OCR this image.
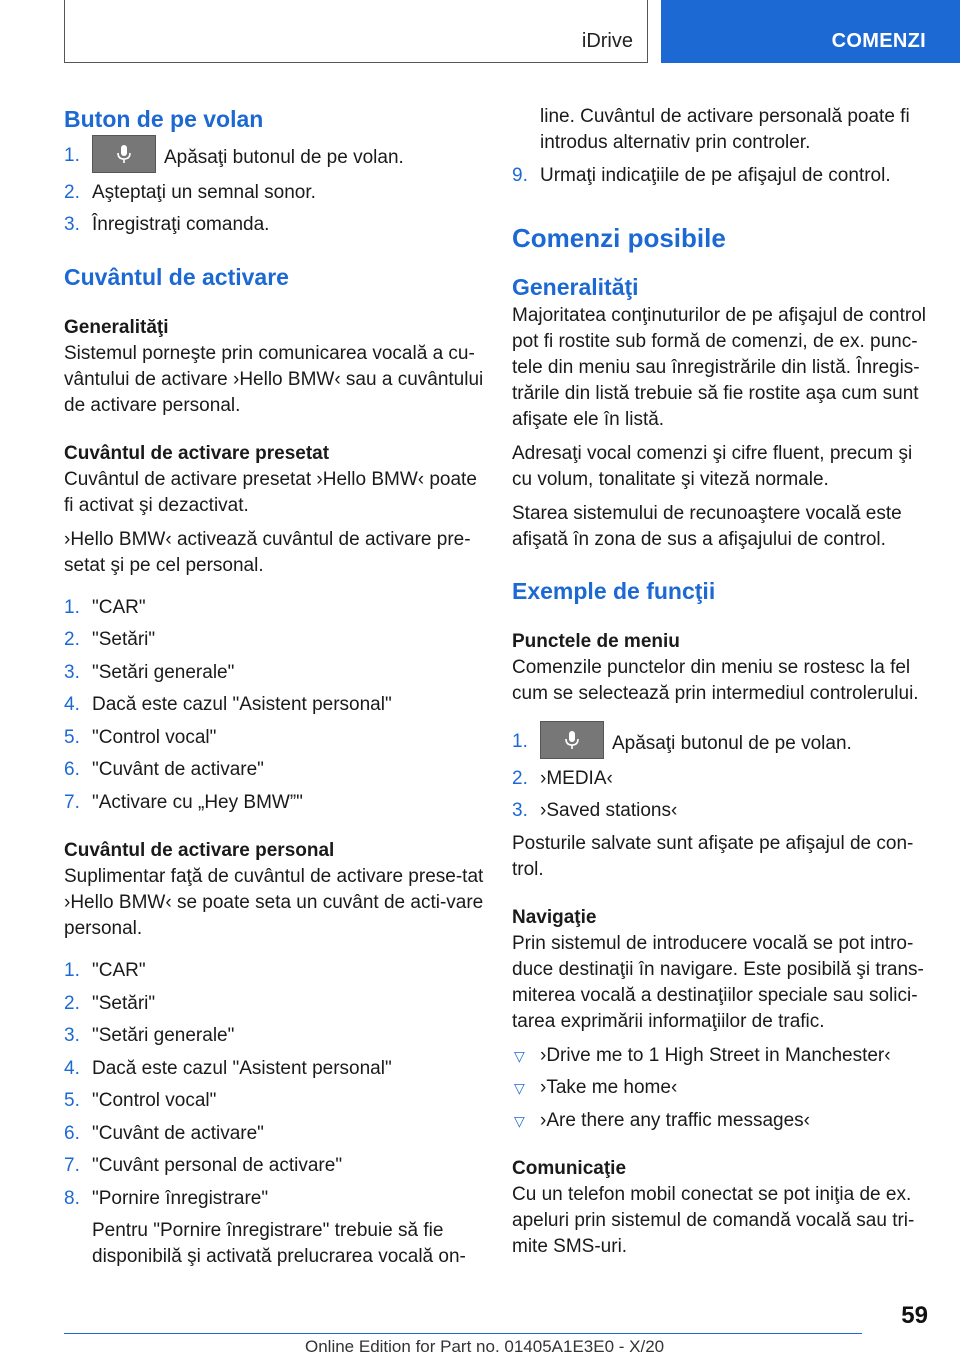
iDrive	COMENZI
Buton de pe volan
1.	Apăsaţi butonul de pe volan.
2. Aşteptaţi un semnal sonor.
3. Înregistraţi comanda.
Cuvântul de activare
Generalităţi

Sistemul porneşte prin comunicarea vocală a cu-vântului de activare ›Hello BMW‹ sau a cuvântului de activare personal.

Cuvântul de activare presetat

Cuvântul de activare presetat ›Hello BMW‹ poate fi activat şi dezactivat.

›Hello BMW‹ activează cuvântul de activare pre-setat şi pe cel personal.

1. "CAR"
2. "Setări"
3. "Setări generale"
4. Dacă este cazul "Asistent personal"
5. "Control vocal"
6. "Cuvânt de activare"
7. "Activare cu „Hey BMW”"
Cuvântul de activare personal

Suplimentar faţă de cuvântul de activare prese-tat ›Hello BMW‹ se poate seta un cuvânt de acti-vare personal.

1. "CAR"
2. "Setări"
3. "Setări generale"
4. Dacă este cazul "Asistent personal"
5. "Control vocal"
6. "Cuvânt de activare"
7. "Cuvânt personal de activare"
8. "Pornire înregistrare"
Pentru "Pornire înregistrare" trebuie să fie disponibilă şi activată prelucrarea vocală on-
line. Cuvântul de activare personală poate fi introdus alternativ prin controler.
9. Urmaţi indicaţiile de pe afişajul de control.
Comenzi posibile
Generalităţi

Majoritatea conţinuturilor de pe afişajul de control pot fi rostite sub formă de comenzi, de ex. punc-tele din meniu sau înregistrările din listă. Înregis-trările din listă trebuie să fie rostite aşa cum sunt afişate ele în listă.

Adresaţi vocal comenzi şi cifre fluent, precum şi cu volum, tonalitate şi viteză normale.

Starea sistemului de recunoaştere vocală este afişată în zona de sus a afişajului de control.

Exemple de funcţii
Punctele de meniu

Comenzile punctelor din meniu se rostesc la fel cum se selectează prin intermediul controlerului.

1.	Apăsaţi butonul de pe volan.
2. ›MEDIA‹
3. ›Saved stations‹

Posturile salvate sunt afişate pe afişajul de con-trol.

Navigaţie

Prin sistemul de introducere vocală se pot intro-duce destinaţii în navigare. Este posibilă şi trans-miterea vocală a destinaţiilor speciale sau solici-tarea exprimării informaţiilor de trafic.

▽ ›Drive me to 1 High Street in Manchester‹
▽ ›Take me home‹
▽ ›Are there any traffic messages‹
Comunicaţie

Cu un telefon mobil conectat se pot iniţia de ex. apeluri prin sistemul de comandă vocală sau tri-mite SMS-uri.

59
Online Edition for Part no. 01405A1E3E0 - X/20
